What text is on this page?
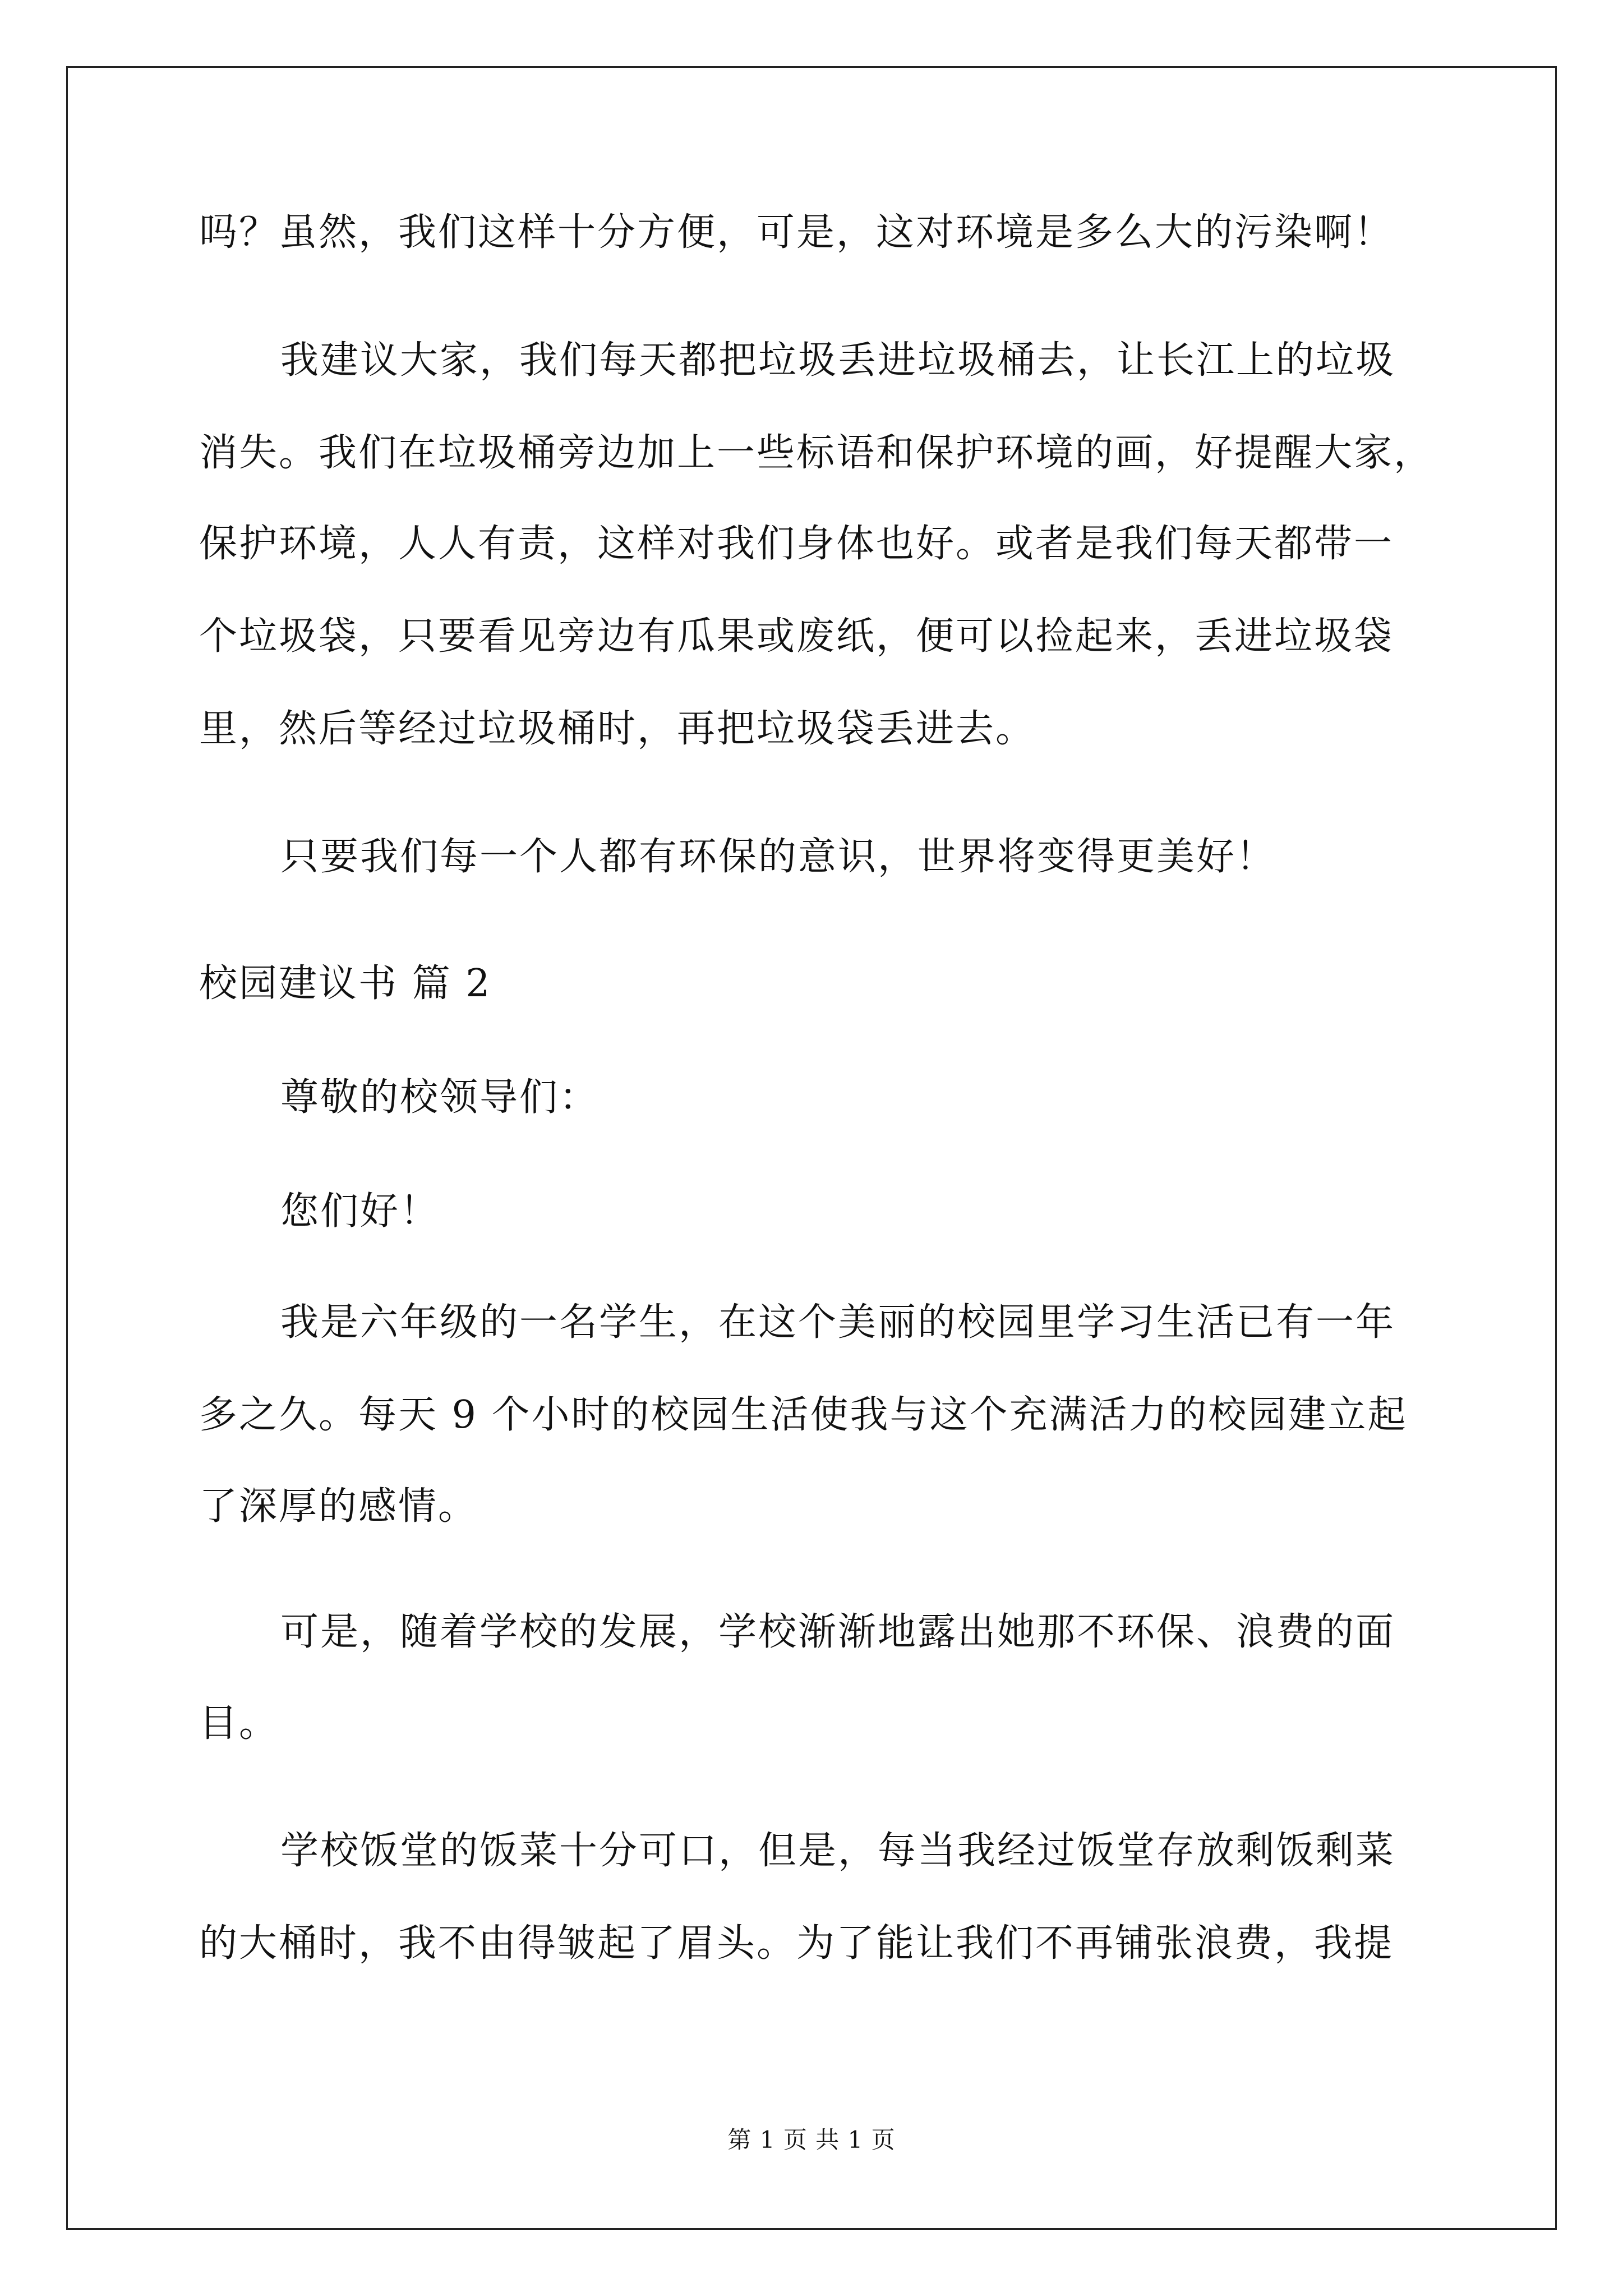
吗？虽然，我们这样十分方便，可是，这对环境是多么大的污染啊！
我建议大家，我们每天都把垃圾丢进垃圾桶去，让长江上的垃圾
消失。我们在垃圾桶旁边加上一些标语和保护环境的画，好提醒大家，
保护环境，人人有责，这样对我们身体也好。或者是我们每天都带一
个垃圾袋，只要看见旁边有瓜果或废纸，便可以捡起来，丢进垃圾袋
里，然后等经过垃圾桶时，再把垃圾袋丢进去。
只要我们每一个人都有环保的意识，世界将变得更美好！
校园建议书 篇 2
尊敬的校领导们：
您们好！
我是六年级的一名学生，在这个美丽的校园里学习生活已有一年
多之久。每天 9 个小时的校园生活使我与这个充满活力的校园建立起
了深厚的感情。
可是，随着学校的发展，学校渐渐地露出她那不环保、浪费的面
目。
学校饭堂的饭菜十分可口，但是，每当我经过饭堂存放剩饭剩菜
的大桶时，我不由得皱起了眉头。为了能让我们不再铺张浪费，我提
第 1 页 共 1 页
